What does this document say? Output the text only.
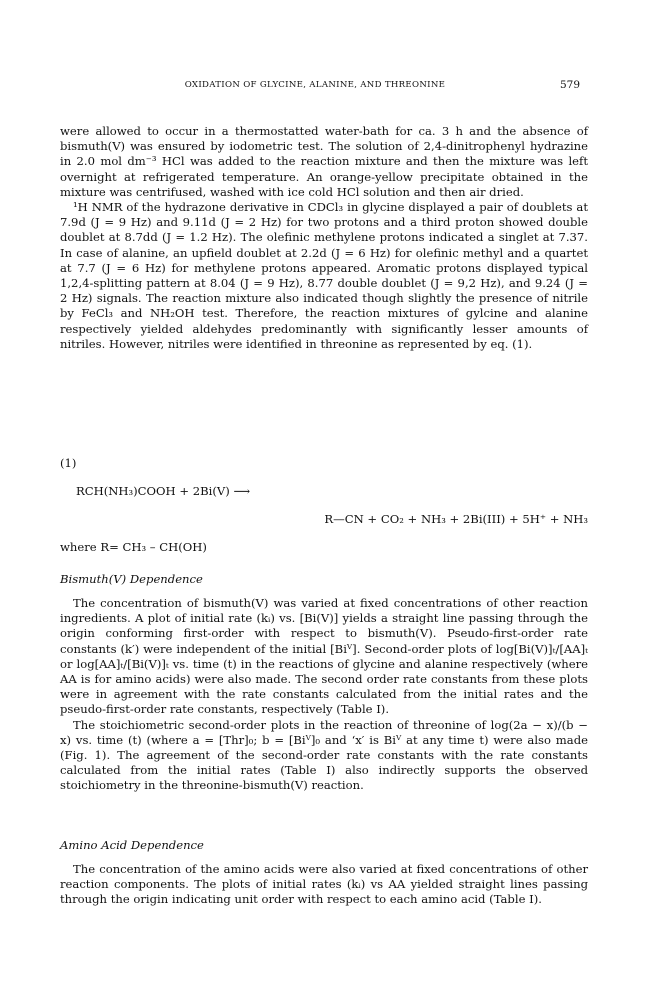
OXIDATION OF GLYCINE, ALANINE, AND THREONINE	579

were allowed to occur in a thermostatted water-bath for ca. 3 h and the absence of bismuth(V) was ensured by iodometric test. The solution of 2,4-dinitrophenyl hydrazine in 2.0 mol dm⁻³ HCl was added to the reaction mixture and then the mixture was left overnight at refrigerated temperature. An orange-yellow precipitate obtained in the mixture was centrifused, washed with ice cold HCl solution and then air dried.

¹H NMR of the hydrazone derivative in CDCl₃ in glycine displayed a pair of doublets at 7.9d (J = 9 Hz) and 9.11d (J = 2 Hz) for two protons and a third proton showed double doublet at 8.7dd (J = 1.2 Hz). The olefinic methylene protons indicated a singlet at 7.37. In case of alanine, an upfield doublet at 2.2d (J = 6 Hz) for olefinic methyl and a quartet at 7.7 (J = 6 Hz) for methylene protons appeared. Aromatic protons displayed typical 1,2,4-splitting pattern at 8.04 (J = 9 Hz), 8.77 double doublet (J = 9,2 Hz), and 9.24 (J = 2 Hz) signals. The reaction mixture also indicated though slightly the presence of nitrile by FeCl₃ and NH₂OH test. Therefore, the reaction mixtures of gylcine and alanine respectively yielded aldehydes predominantly with significantly lesser amounts of nitriles. However, nitriles were identified in threonine as represented by eq. (1).

(1)
RCH(NH₃)COOH + 2Bi(V) ⟶
R—CN + CO₂ + NH₃ + 2Bi(III) + 5H⁺ + NH₃
where R= CH₃ – CH(OH)
Bismuth(V) Dependence

The concentration of bismuth(V) was varied at fixed concentrations of other reaction ingredients. A plot of initial rate (kᵢ) vs. [Bi(V)] yields a straight line passing through the origin conforming first-order with respect to bismuth(V). Pseudo-first-order rate constants (k′) were independent of the initial [Biⱽ]. Second-order plots of log[Bi(V)]ₜ/[AA]ₜ or log[AA]ₜ/[Bi(V)]ₜ vs. time (t) in the reactions of glycine and alanine respectively (where AA is for amino acids) were also made. The second order rate constants from these plots were in agreement with the rate constants calculated from the initial rates and the pseudo-first-order rate constants, respectively (Table I).

The stoichiometric second-order plots in the reaction of threonine of log(2a − x)/(b − x) vs. time (t) (where a = [Thr]₀; b = [Biⱽ]₀ and ‘x′ is Biⱽ at any time t) were also made (Fig. 1). The agreement of the second-order rate constants with the rate constants calculated from the initial rates (Table I) also indirectly supports the observed stoichiometry in the threonine-bismuth(V) reaction.

Amino Acid Dependence

The concentration of the amino acids were also varied at fixed concentrations of other reaction components. The plots of initial rates (kᵢ) vs AA yielded straight lines passing through the origin indicating unit order with respect to each amino acid (Table I).
